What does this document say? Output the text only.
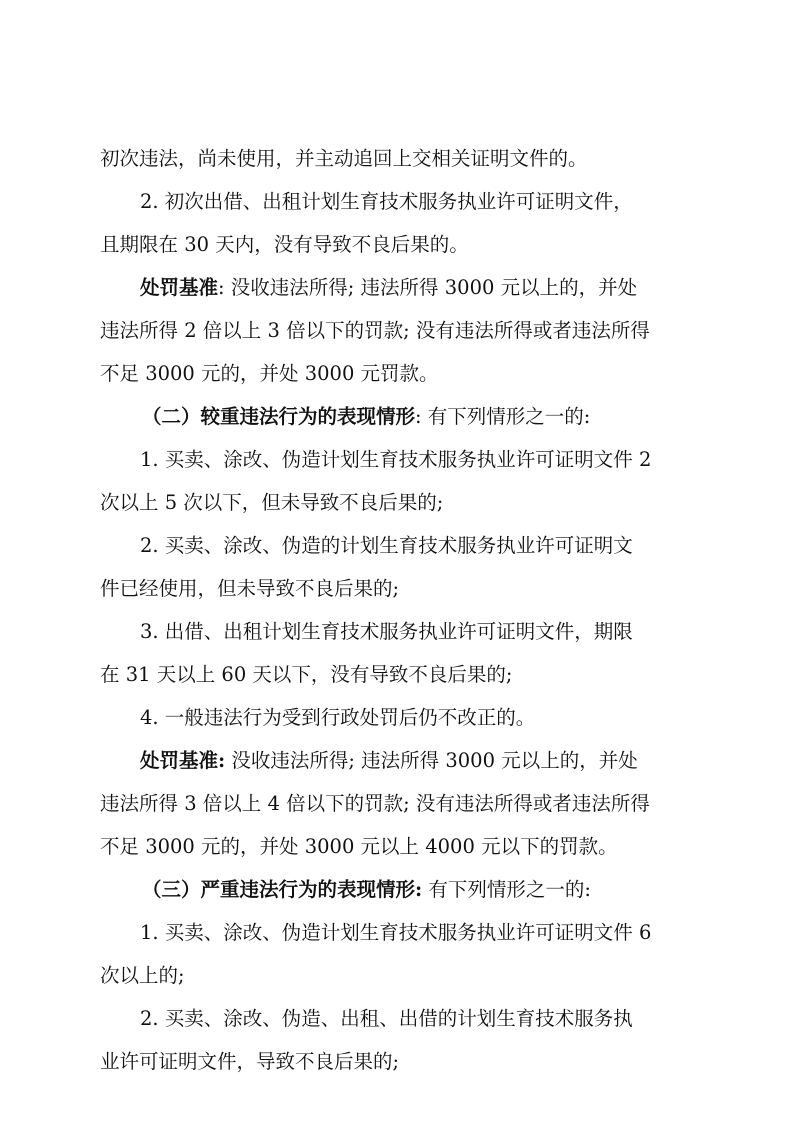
初次违法，尚未使用，并主动追回上交相关证明文件的。

2. 初次出借、出租计划生育技术服务执业许可证明文件，

且期限在 30 天内，没有导致不良后果的。

处罚基准: 没收违法所得; 违法所得 3000 元以上的，并处

违法所得 2 倍以上 3 倍以下的罚款; 没有违法所得或者违法所得

不足 3000 元的，并处 3000 元罚款。

（二）较重违法行为的表现情形: 有下列情形之一的:

1. 买卖、涂改、伪造计划生育技术服务执业许可证明文件 2

次以上 5 次以下，但未导致不良后果的;

2. 买卖、涂改、伪造的计划生育技术服务执业许可证明文

件已经使用，但未导致不良后果的;

3. 出借、出租计划生育技术服务执业许可证明文件，期限

在 31 天以上 60 天以下，没有导致不良后果的;

4. 一般违法行为受到行政处罚后仍不改正的。

处罚基准: 没收违法所得; 违法所得 3000 元以上的，并处

违法所得 3 倍以上 4 倍以下的罚款; 没有违法所得或者违法所得

不足 3000 元的，并处 3000 元以上 4000 元以下的罚款。

（三）严重违法行为的表现情形: 有下列情形之一的:

1. 买卖、涂改、伪造计划生育技术服务执业许可证明文件 6

次以上的;

2. 买卖、涂改、伪造、出租、出借的计划生育技术服务执

业许可证明文件，导致不良后果的;
